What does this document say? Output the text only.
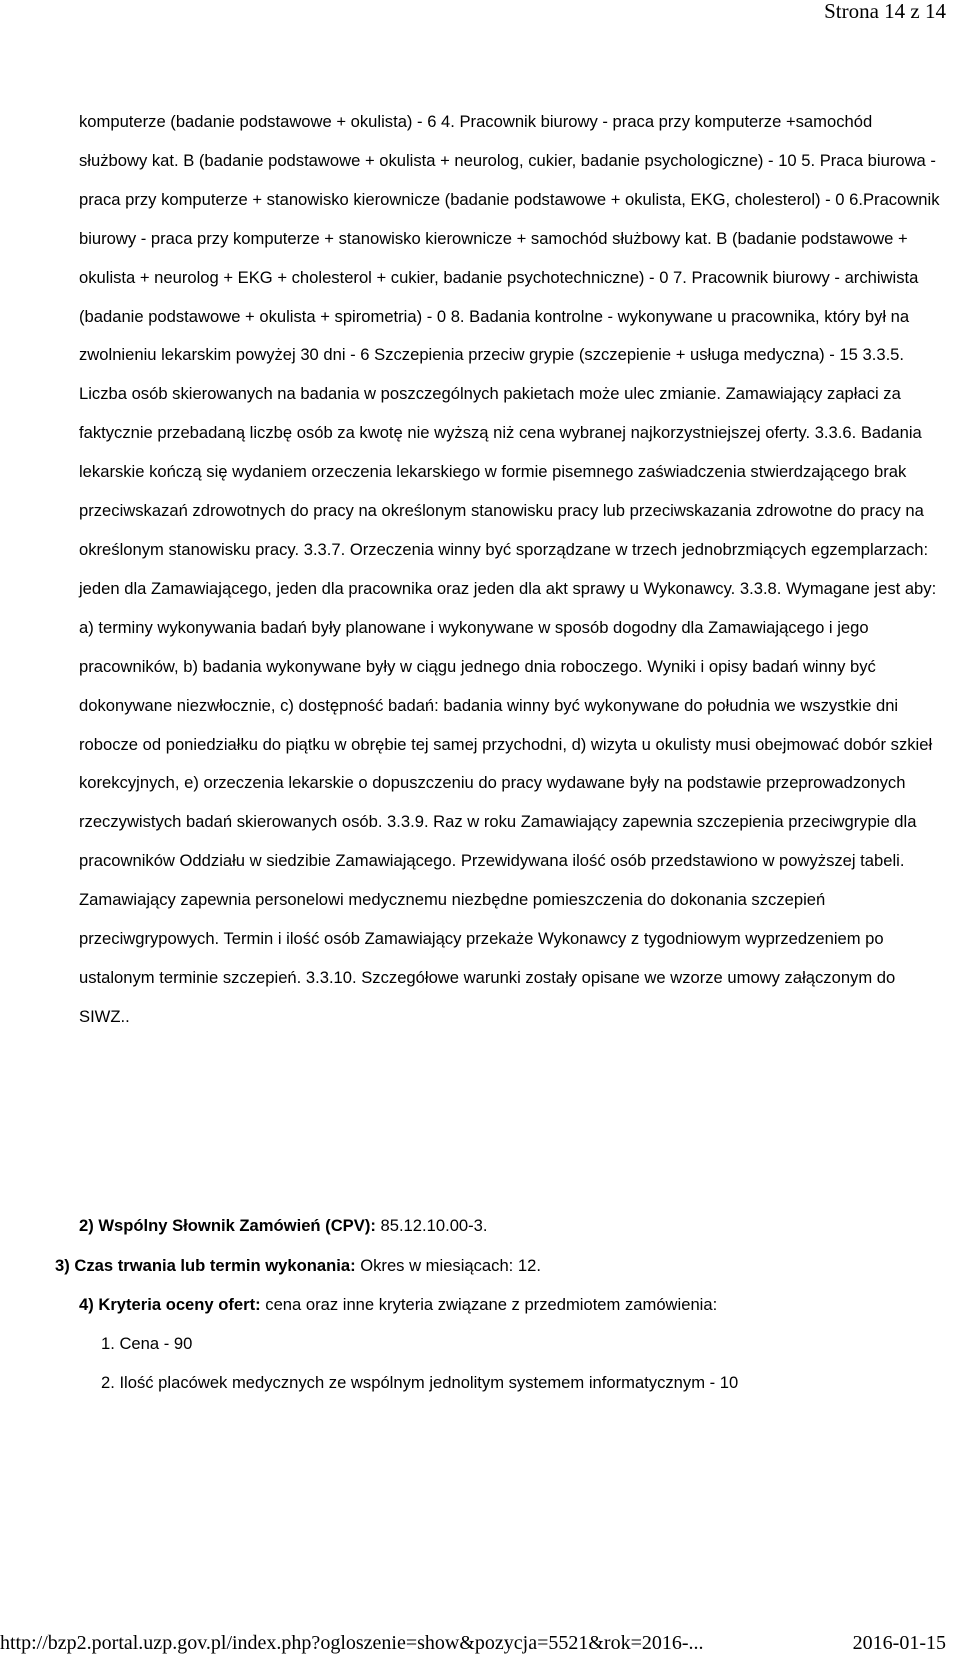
Strona 14 z 14

komputerze (badanie podstawowe + okulista) - 6 4. Pracownik biurowy - praca przy komputerze +samochód służbowy kat. B (badanie podstawowe + okulista + neurolog, cukier, badanie psychologiczne) - 10 5. Praca biurowa -praca przy komputerze + stanowisko kierownicze (badanie podstawowe + okulista, EKG, cholesterol) - 0 6.Pracownik biurowy - praca przy komputerze + stanowisko kierownicze + samochód służbowy kat. B (badanie podstawowe + okulista + neurolog + EKG + cholesterol + cukier, badanie psychotechniczne) - 0 7. Pracownik biurowy - archiwista (badanie podstawowe + okulista + spirometria) - 0 8. Badania kontrolne - wykonywane u pracownika, który był na zwolnieniu lekarskim powyżej 30 dni - 6 Szczepienia przeciw grypie (szczepienie + usługa medyczna) - 15 3.3.5. Liczba osób skierowanych na badania w poszczególnych pakietach może ulec zmianie. Zamawiający zapłaci za faktycznie przebadaną liczbę osób za kwotę nie wyższą niż cena wybranej najkorzystniejszej oferty. 3.3.6. Badania lekarskie kończą się wydaniem orzeczenia lekarskiego w formie pisemnego zaświadczenia stwierdzającego brak przeciwskazań zdrowotnych do pracy na określonym stanowisku pracy lub przeciwskazania zdrowotne do pracy na określonym stanowisku pracy. 3.3.7. Orzeczenia winny być sporządzane w trzech jednobrzmiących egzemplarzach: jeden dla Zamawiającego, jeden dla pracownika oraz jeden dla akt sprawy u Wykonawcy. 3.3.8. Wymagane jest aby: a) terminy wykonywania badań były planowane i wykonywane w sposób dogodny dla Zamawiającego i jego pracowników, b) badania wykonywane były w ciągu jednego dnia roboczego. Wyniki i opisy badań winny być dokonywane niezwłocznie, c) dostępność badań: badania winny być wykonywane do południa we wszystkie dni robocze od poniedziałku do piątku w obrębie tej samej przychodni, d) wizyta u okulisty musi obejmować dobór szkieł korekcyjnych, e) orzeczenia lekarskie o dopuszczeniu do pracy wydawane były na podstawie przeprowadzonych rzeczywistych badań skierowanych osób. 3.3.9. Raz w roku Zamawiający zapewnia szczepienia przeciwgrypie dla pracowników Oddziału w siedzibie Zamawiającego. Przewidywana ilość osób przedstawiono w powyższej tabeli. Zamawiający zapewnia personelowi medycznemu niezbędne pomieszczenia do dokonania szczepień przeciwgrypowych. Termin i ilość osób Zamawiający przekaże Wykonawcy z tygodniowym wyprzedzeniem po ustalonym terminie szczepień. 3.3.10. Szczegółowe warunki zostały opisane we wzorze umowy załączonym do SIWZ..

2) Wspólny Słownik Zamówień (CPV): 85.12.10.00-3.
3) Czas trwania lub termin wykonania: Okres w miesiącach: 12.
4) Kryteria oceny ofert: cena oraz inne kryteria związane z przedmiotem zamówienia:
1. Cena - 90
2. Ilość placówek medycznych ze wspólnym jednolitym systemem informatycznym - 10
http://bzp2.portal.uzp.gov.pl/index.php?ogloszenie=show&pozycja=5521&rok=2016-...	2016-01-15
